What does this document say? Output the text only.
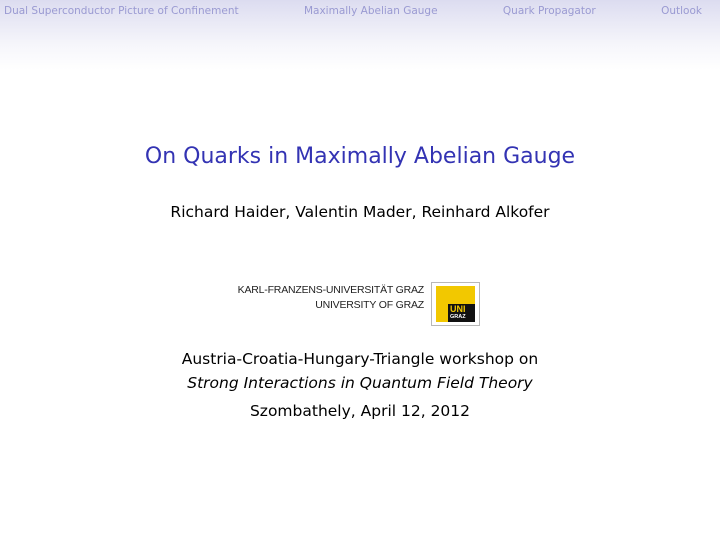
Dual Superconductor Picture of Confinement	Maximally Abelian Gauge	Quark Propagator	Outlook
On Quarks in Maximally Abelian Gauge
Richard Haider, Valentin Mader, Reinhard Alkofer
KARL-FRANZENS-UNIVERSITÄT GRAZ
UNIVERSITY OF GRAZ	UNI
GRAZ
Austria-Croatia-Hungary-Triangle workshop on
Strong Interactions in Quantum Field Theory
Szombathely, April 12, 2012
